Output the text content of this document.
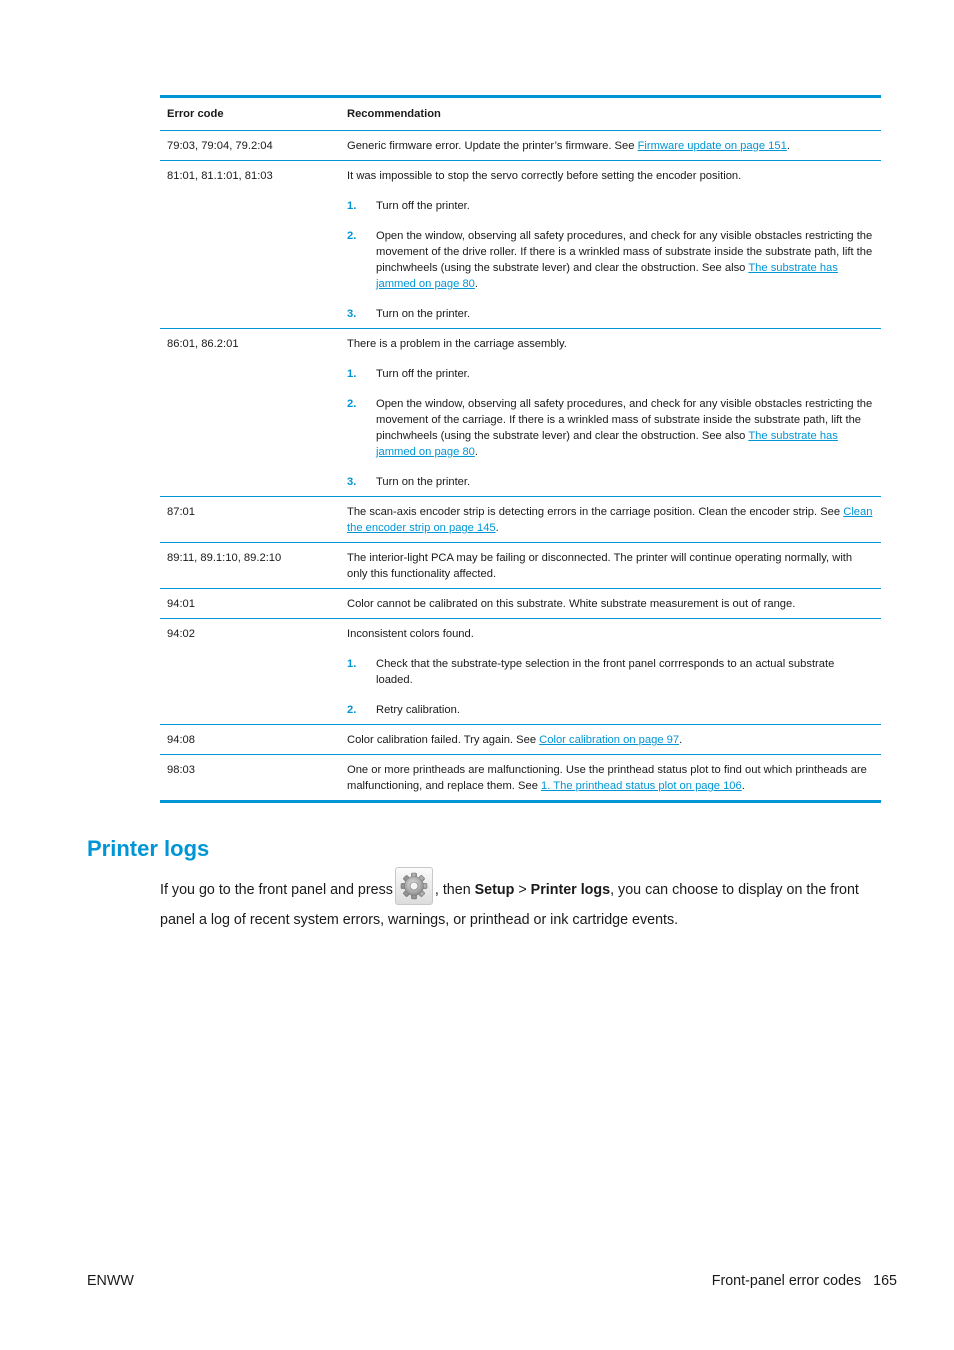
Error code	Recommendation
79:03, 79:04, 79.2:04	Generic firmware error. Update the printer’s firmware. See Firmware update on page 151.

81:01, 81.1:01, 81:03	It was impossible to stop the servo correctly before setting the encoder position.

1.	Turn off the printer.
2.	Open the window, observing all safety procedures, and check for any visible obstacles restricting the movement of the drive roller. If there is a wrinkled mass of substrate inside the substrate path, lift the pinchwheels (using the substrate lever) and clear the obstruction. See also The substrate has jammed on page 80.
3.	Turn on the printer.
86:01, 86.2:01	There is a problem in the carriage assembly.

1.	Turn off the printer.
2.	Open the window, observing all safety procedures, and check for any visible obstacles restricting the movement of the carriage. If there is a wrinkled mass of substrate inside the substrate path, lift the pinchwheels (using the substrate lever) and clear the obstruction. See also The substrate has jammed on page 80.
3.	Turn on the printer.
87:01	The scan-axis encoder strip is detecting errors in the carriage position. Clean the encoder strip. See Clean the encoder strip on page 145.

89:11, 89.1:10, 89.2:10	The interior-light PCA may be failing or disconnected. The printer will continue operating normally, with only this functionality affected.

94:01	Color cannot be calibrated on this substrate. White substrate measurement is out of range.

94:02	Inconsistent colors found.

1.	Check that the substrate-type selection in the front panel corrresponds to an actual substrate loaded.
2.	Retry calibration.
94:08	Color calibration failed. Try again. See Color calibration on page 97.

98:03	One or more printheads are malfunctioning. Use the printhead status plot to find out which printheads are malfunctioning, and replace them. See 1. The printhead status plot on page 106.

Printer logs

If you go to the front panel and press	, then Setup > Printer logs, you can choose to display on the front panel a log of recent system errors, warnings, or printhead or ink cartridge events.

ENWW	Front-panel error codes 165
